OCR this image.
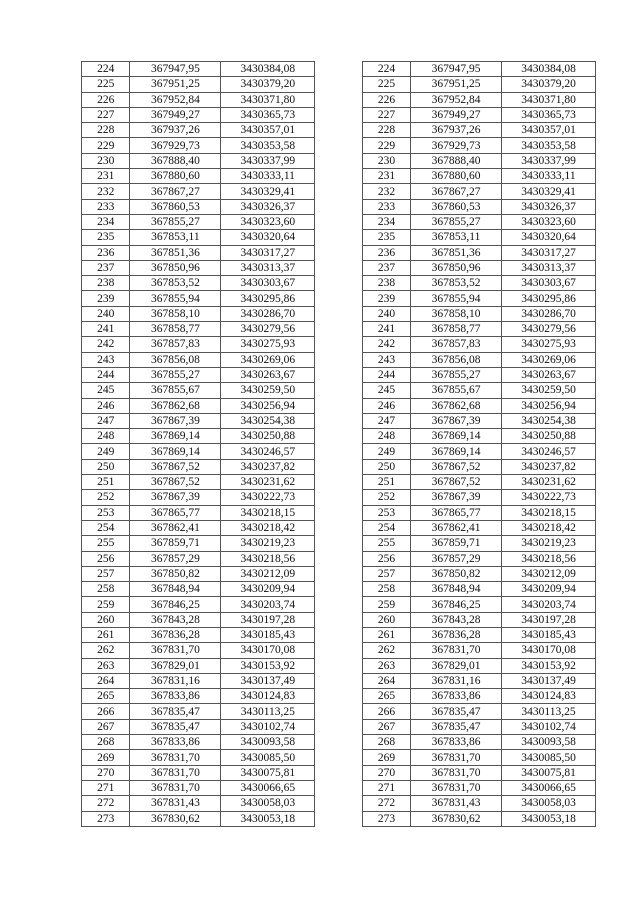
224	367947,95	3430384,08		224	367947,95	3430384,08
225	367951,25	3430379,20		225	367951,25	3430379,20
226	367952,84	3430371,80		226	367952,84	3430371,80
227	367949,27	3430365,73		227	367949,27	3430365,73
228	367937,26	3430357,01		228	367937,26	3430357,01
229	367929,73	3430353,58		229	367929,73	3430353,58
230	367888,40	3430337,99		230	367888,40	3430337,99
231	367880,60	3430333,11		231	367880,60	3430333,11
232	367867,27	3430329,41		232	367867,27	3430329,41
233	367860,53	3430326,37		233	367860,53	3430326,37
234	367855,27	3430323,60		234	367855,27	3430323,60
235	367853,11	3430320,64		235	367853,11	3430320,64
236	367851,36	3430317,27		236	367851,36	3430317,27
237	367850,96	3430313,37		237	367850,96	3430313,37
238	367853,52	3430303,67		238	367853,52	3430303,67
239	367855,94	3430295,86		239	367855,94	3430295,86
240	367858,10	3430286,70		240	367858,10	3430286,70
241	367858,77	3430279,56		241	367858,77	3430279,56
242	367857,83	3430275,93		242	367857,83	3430275,93
243	367856,08	3430269,06		243	367856,08	3430269,06
244	367855,27	3430263,67		244	367855,27	3430263,67
245	367855,67	3430259,50		245	367855,67	3430259,50
246	367862,68	3430256,94		246	367862,68	3430256,94
247	367867,39	3430254,38		247	367867,39	3430254,38
248	367869,14	3430250,88		248	367869,14	3430250,88
249	367869,14	3430246,57		249	367869,14	3430246,57
250	367867,52	3430237,82		250	367867,52	3430237,82
251	367867,52	3430231,62		251	367867,52	3430231,62
252	367867,39	3430222,73		252	367867,39	3430222,73
253	367865,77	3430218,15		253	367865,77	3430218,15
254	367862,41	3430218,42		254	367862,41	3430218,42
255	367859,71	3430219,23		255	367859,71	3430219,23
256	367857,29	3430218,56		256	367857,29	3430218,56
257	367850,82	3430212,09		257	367850,82	3430212,09
258	367848,94	3430209,94		258	367848,94	3430209,94
259	367846,25	3430203,74		259	367846,25	3430203,74
260	367843,28	3430197,28		260	367843,28	3430197,28
261	367836,28	3430185,43		261	367836,28	3430185,43
262	367831,70	3430170,08		262	367831,70	3430170,08
263	367829,01	3430153,92		263	367829,01	3430153,92
264	367831,16	3430137,49		264	367831,16	3430137,49
265	367833,86	3430124,83		265	367833,86	3430124,83
266	367835,47	3430113,25		266	367835,47	3430113,25
267	367835,47	3430102,74		267	367835,47	3430102,74
268	367833,86	3430093,58		268	367833,86	3430093,58
269	367831,70	3430085,50		269	367831,70	3430085,50
270	367831,70	3430075,81		270	367831,70	3430075,81
271	367831,70	3430066,65		271	367831,70	3430066,65
272	367831,43	3430058,03		272	367831,43	3430058,03
273	367830,62	3430053,18		273	367830,62	3430053,18
